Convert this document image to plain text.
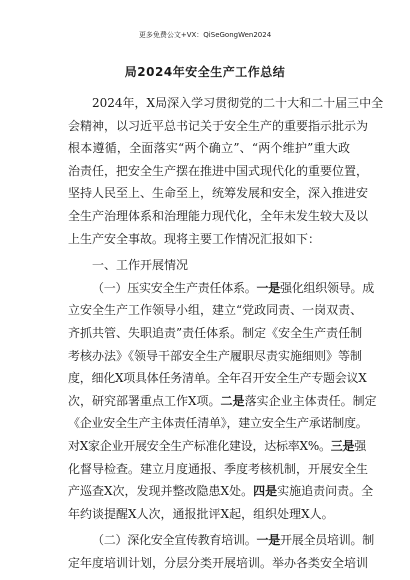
更多免费公文+VX：QiSeGongWen2024
局2024年安全生产工作总结
2024年，X局深入学习贯彻党的二十大和二十届三中全
会精神，以习近平总书记关于安全生产的重要指示批示为
根本遵循，全面落实“两个确立”、“两个维护”重大政
治责任，把安全生产摆在推进中国式现代化的重要位置，
坚持人民至上、生命至上，统筹发展和安全，深入推进安
全生产治理体系和治理能力现代化，全年未发生较大及以
上生产安全事故。现将主要工作情况汇报如下：
一、工作开展情况
（一）压实安全生产责任体系。一是强化组织领导。成
立安全生产工作领导小组，建立“党政同责、一岗双责、
齐抓共管、失职追责”责任体系。制定《安全生产责任制
考核办法》《领导干部安全生产履职尽责实施细则》等制
度，细化X项具体任务清单。全年召开安全生产专题会议X
次，研究部署重点工作X项。二是落实企业主体责任。制定
《企业安全生产主体责任清单》，建立安全生产承诺制度。
对X家企业开展安全生产标准化建设，达标率X%。三是强
化督导检查。建立月度通报、季度考核机制，开展安全生
产巡查X次，发现并整改隐患X处。四是实施追责问责。全
年约谈提醒X人次，通报批评X起，组织处理X人。
（二）深化安全宣传教育培训。一是开展全员培训。制
定年度培训计划，分层分类开展培训。举办各类安全培训
